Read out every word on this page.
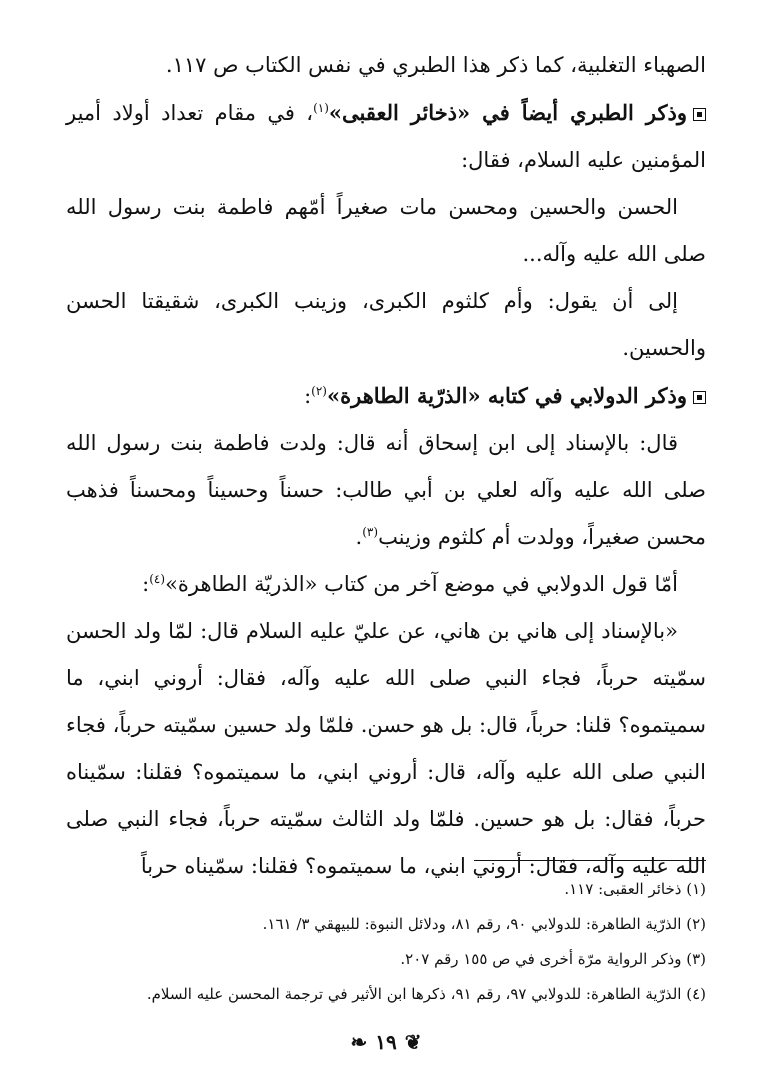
الصهباء التغلبية، كما ذكر هذا الطبري في نفس الكتاب ص ١١٧.

وذكر الطبري أيضاً في «ذخائر العقبى»$^{(١)}$، في مقام تعداد أولاد أمير المؤمنين عليه السلام، فقال:

الحسن والحسين ومحسن مات صغيراً أمّهم فاطمة بنت رسول الله صلى الله عليه وآله...

إلى أن يقول: وأم كلثوم الكبرى، وزينب الكبرى، شقيقتا الحسن والحسين.

وذكر الدولابي في كتابه «الذرّية الطاهرة»$^{(٢)}$:

قال: بالإسناد إلى ابن إسحاق أنه قال: ولدت فاطمة بنت رسول الله صلى الله عليه وآله لعلي بن أبي طالب: حسناً وحسيناً ومحسناً فذهب محسن صغيراً، وولدت أم كلثوم وزينب$^{(٣)}$.

أمّا قول الدولابي في موضع آخر من كتاب «الذريّة الطاهرة»$^{(٤)}$:

«بالإسناد إلى هاني بن هاني، عن عليّ عليه السلام قال: لمّا ولد الحسن سمّيته حرباً، فجاء النبي صلى الله عليه وآله، فقال: أروني ابني، ما سميتموه؟ قلنا: حرباً، قال: بل هو حسن. فلمّا ولد حسين سمّيته حرباً، فجاء النبي صلى الله عليه وآله، قال: أروني ابني، ما سميتموه؟ فقلنا: سمّيناه حرباً، فقال: بل هو حسين. فلمّا ولد الثالث سمّيته حرباً، فجاء النبي صلى الله عليه وآله، فقال: أروني ابني، ما سميتموه؟ فقلنا: سمّيناه حرباً

(١) ذخائر العقبى: ١١٧.

(٢) الذرّية الطاهرة: للدولابي ٩٠، رقم ٨١، ودلائل النبوة: للبيهقي ٣/ ١٦١.

(٣) وذكر الرواية مرّة أخرى في ص ١٥٥ رقم ٢٠٧.

(٤) الذرّية الطاهرة: للدولابي ٩٧، رقم ٩١، ذكرها ابن الأثير في ترجمة المحسن عليه السلام.

❦١٩❧
